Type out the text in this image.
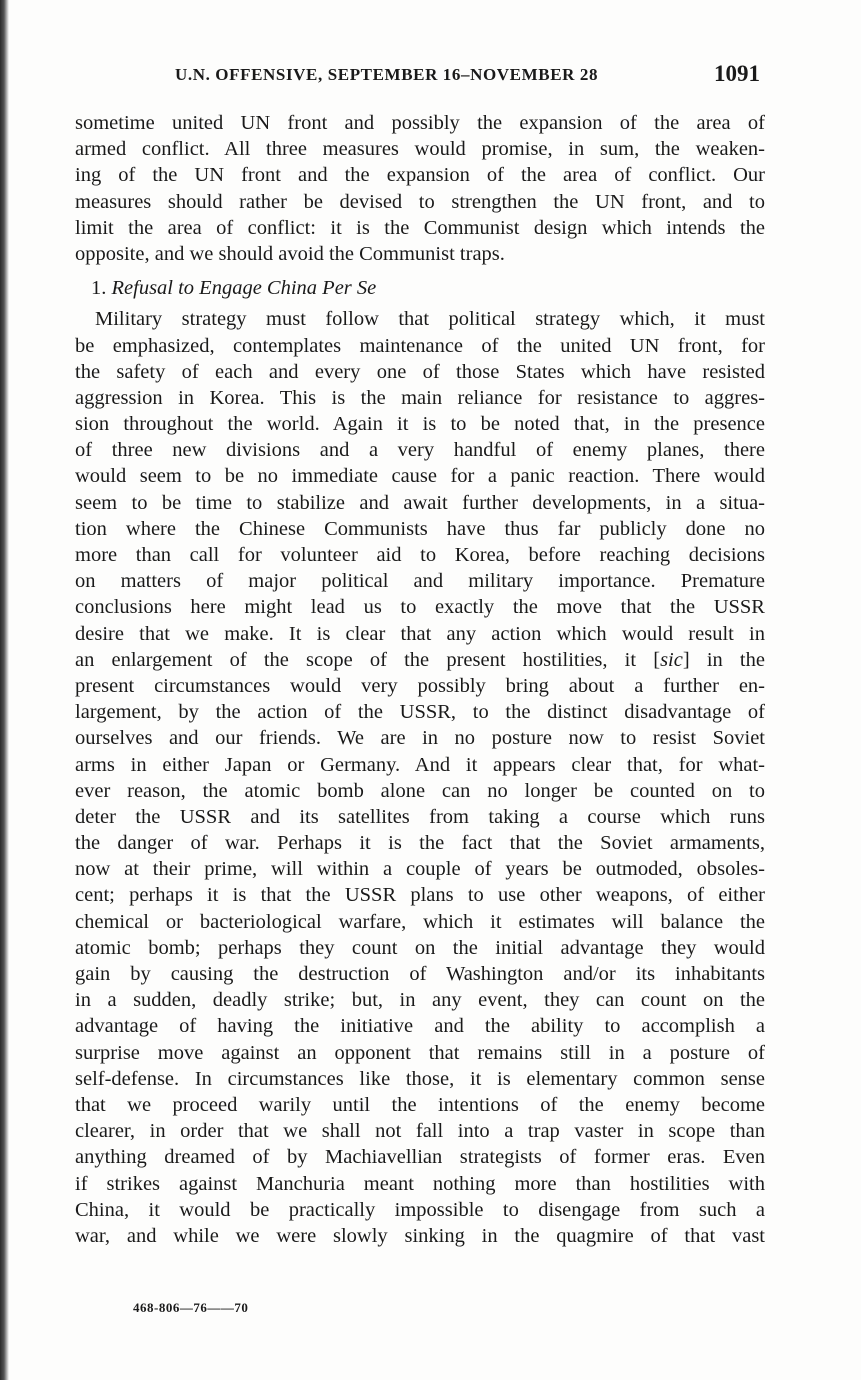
U.N. OFFENSIVE, SEPTEMBER 16–NOVEMBER 28	1091
sometime united UN front and possibly the expansion of the area of
armed conflict. All three measures would promise, in sum, the weaken-
ing of the UN front and the expansion of the area of conflict. Our
measures should rather be devised to strengthen the UN front, and to
limit the area of conflict: it is the Communist design which intends the
opposite, and we should avoid the Communist traps.
1. Refusal to Engage China Per Se
Military strategy must follow that political strategy which, it must
be emphasized, contemplates maintenance of the united UN front, for
the safety of each and every one of those States which have resisted
aggression in Korea. This is the main reliance for resistance to aggres-
sion throughout the world. Again it is to be noted that, in the presence
of three new divisions and a very handful of enemy planes, there
would seem to be no immediate cause for a panic reaction. There would
seem to be time to stabilize and await further developments, in a situa-
tion where the Chinese Communists have thus far publicly done no
more than call for volunteer aid to Korea, before reaching decisions
on matters of major political and military importance. Premature
conclusions here might lead us to exactly the move that the USSR
desire that we make. It is clear that any action which would result in
an enlargement of the scope of the present hostilities, it [sic] in the
present circumstances would very possibly bring about a further en-
largement, by the action of the USSR, to the distinct disadvantage of
ourselves and our friends. We are in no posture now to resist Soviet
arms in either Japan or Germany. And it appears clear that, for what-
ever reason, the atomic bomb alone can no longer be counted on to
deter the USSR and its satellites from taking a course which runs
the danger of war. Perhaps it is the fact that the Soviet armaments,
now at their prime, will within a couple of years be outmoded, obsoles-
cent; perhaps it is that the USSR plans to use other weapons, of either
chemical or bacteriological warfare, which it estimates will balance the
atomic bomb; perhaps they count on the initial advantage they would
gain by causing the destruction of Washington and/or its inhabitants
in a sudden, deadly strike; but, in any event, they can count on the
advantage of having the initiative and the ability to accomplish a
surprise move against an opponent that remains still in a posture of
self-defense. In circumstances like those, it is elementary common sense
that we proceed warily until the intentions of the enemy become
clearer, in order that we shall not fall into a trap vaster in scope than
anything dreamed of by Machiavellian strategists of former eras. Even
if strikes against Manchuria meant nothing more than hostilities with
China, it would be practically impossible to disengage from such a
war, and while we were slowly sinking in the quagmire of that vast
468-806—76——70
